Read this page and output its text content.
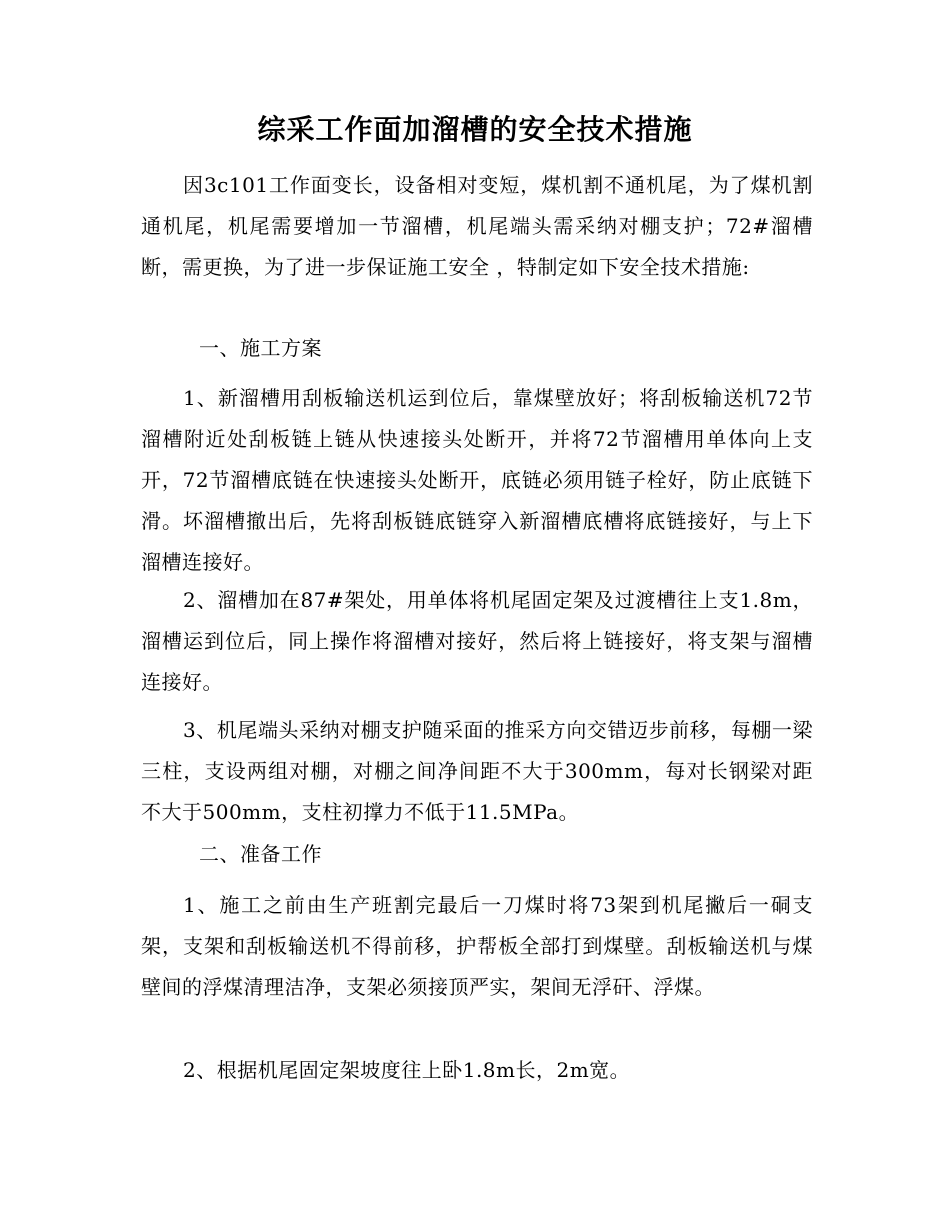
综采工作面加溜槽的安全技术措施

因3c101工作面变长，设备相对变短，煤机割不通机尾，为了煤机割通机尾，机尾需要增加一节溜槽，机尾端头需采纳对棚支护；72#溜槽断，需更换，为了进一步保证施工安全 ，特制定如下安全技术措施:

一、施工方案

1、新溜槽用刮板输送机运到位后，靠煤壁放好；将刮板输送机72节溜槽附近处刮板链上链从快速接头处断开，并将72节溜槽用单体向上支开，72节溜槽底链在快速接头处断开，底链必须用链子栓好，防止底链下滑。坏溜槽撤出后，先将刮板链底链穿入新溜槽底槽将底链接好，与上下溜槽连接好。

2、溜槽加在87#架处，用单体将机尾固定架及过渡槽往上支1.8m，溜槽运到位后，同上操作将溜槽对接好，然后将上链接好，将支架与溜槽连接好。

3、机尾端头采纳对棚支护随采面的推采方向交错迈步前移，每棚一梁三柱，支设两组对棚，对棚之间净间距不大于300mm，每对长钢梁对距不大于500mm，支柱初撑力不低于11.5MPa。

二、准备工作

1、施工之前由生产班割完最后一刀煤时将73架到机尾撇后一硐支架，支架和刮板输送机不得前移，护帮板全部打到煤壁。刮板输送机与煤壁间的浮煤清理洁净，支架必须接顶严实，架间无浮矸、浮煤。

2、根据机尾固定架坡度往上卧1.8m长，2m宽。
